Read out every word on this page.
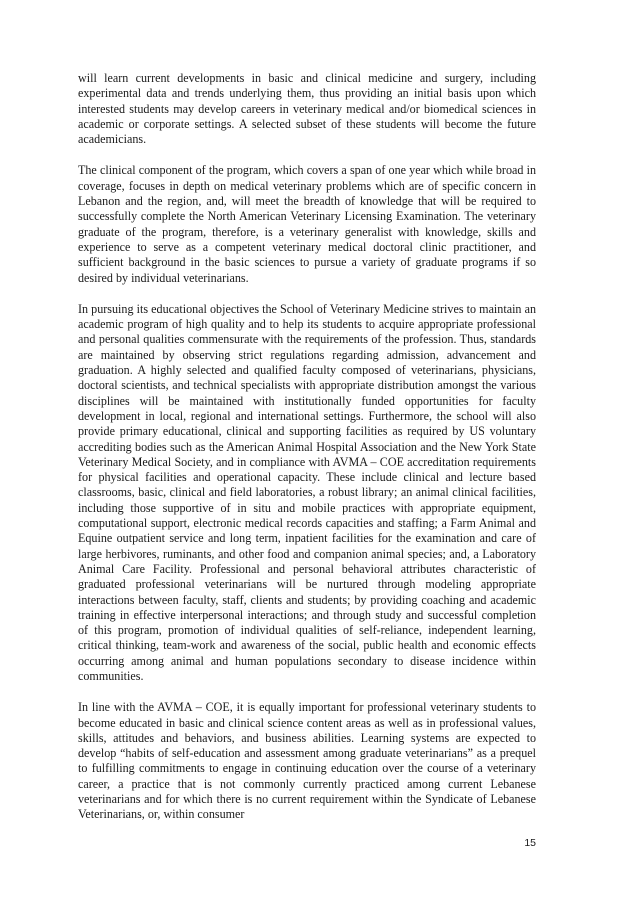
will learn current developments in basic and clinical medicine and surgery, including experimental data and trends underlying them, thus providing an initial basis upon which interested students may develop careers in veterinary medical and/or biomedical sciences in academic or corporate settings. A selected subset of these students will become the future academicians.

The clinical component of the program, which covers a span of one year which while broad in coverage, focuses in depth on medical veterinary problems which are of specific concern in Lebanon and the region, and, will meet the breadth of knowledge that will be required to successfully complete the North American Veterinary Licensing Examination. The veterinary graduate of the program, therefore, is a veterinary generalist with knowledge, skills and experience to serve as a competent veterinary medical doctoral clinic practitioner, and sufficient background in the basic sciences to pursue a variety of graduate programs if so desired by individual veterinarians.

In pursuing its educational objectives the School of Veterinary Medicine strives to maintain an academic program of high quality and to help its students to acquire appropriate professional and personal qualities commensurate with the requirements of the profession. Thus, standards are maintained by observing strict regulations regarding admission, advancement and graduation. A highly selected and qualified faculty composed of veterinarians, physicians, doctoral scientists, and technical specialists with appropriate distribution amongst the various disciplines will be maintained with institutionally funded opportunities for faculty development in local, regional and international settings. Furthermore, the school will also provide primary educational, clinical and supporting facilities as required by US voluntary accrediting bodies such as the American Animal Hospital Association and the New York State Veterinary Medical Society, and in compliance with AVMA – COE accreditation requirements for physical facilities and operational capacity. These include clinical and lecture based classrooms, basic, clinical and field laboratories, a robust library; an animal clinical facilities, including those supportive of in situ and mobile practices with appropriate equipment, computational support, electronic medical records capacities and staffing; a Farm Animal and Equine outpatient service and long term, inpatient facilities for the examination and care of large herbivores, ruminants, and other food and companion animal species; and, a Laboratory Animal Care Facility. Professional and personal behavioral attributes characteristic of graduated professional veterinarians will be nurtured through modeling appropriate interactions between faculty, staff, clients and students; by providing coaching and academic training in effective interpersonal interactions; and through study and successful completion of this program, promotion of individual qualities of self-reliance, independent learning, critical thinking, team-work and awareness of the social, public health and economic effects occurring among animal and human populations secondary to disease incidence within communities.

In line with the AVMA – COE, it is equally important for professional veterinary students to become educated in basic and clinical science content areas as well as in professional values, skills, attitudes and behaviors, and business abilities. Learning systems are expected to develop “habits of self-education and assessment among graduate veterinarians” as a prequel to fulfilling commitments to engage in continuing education over the course of a veterinary career, a practice that is not commonly currently practiced among current Lebanese veterinarians and for which there is no current requirement within the Syndicate of Lebanese Veterinarians, or, within consumer

15
